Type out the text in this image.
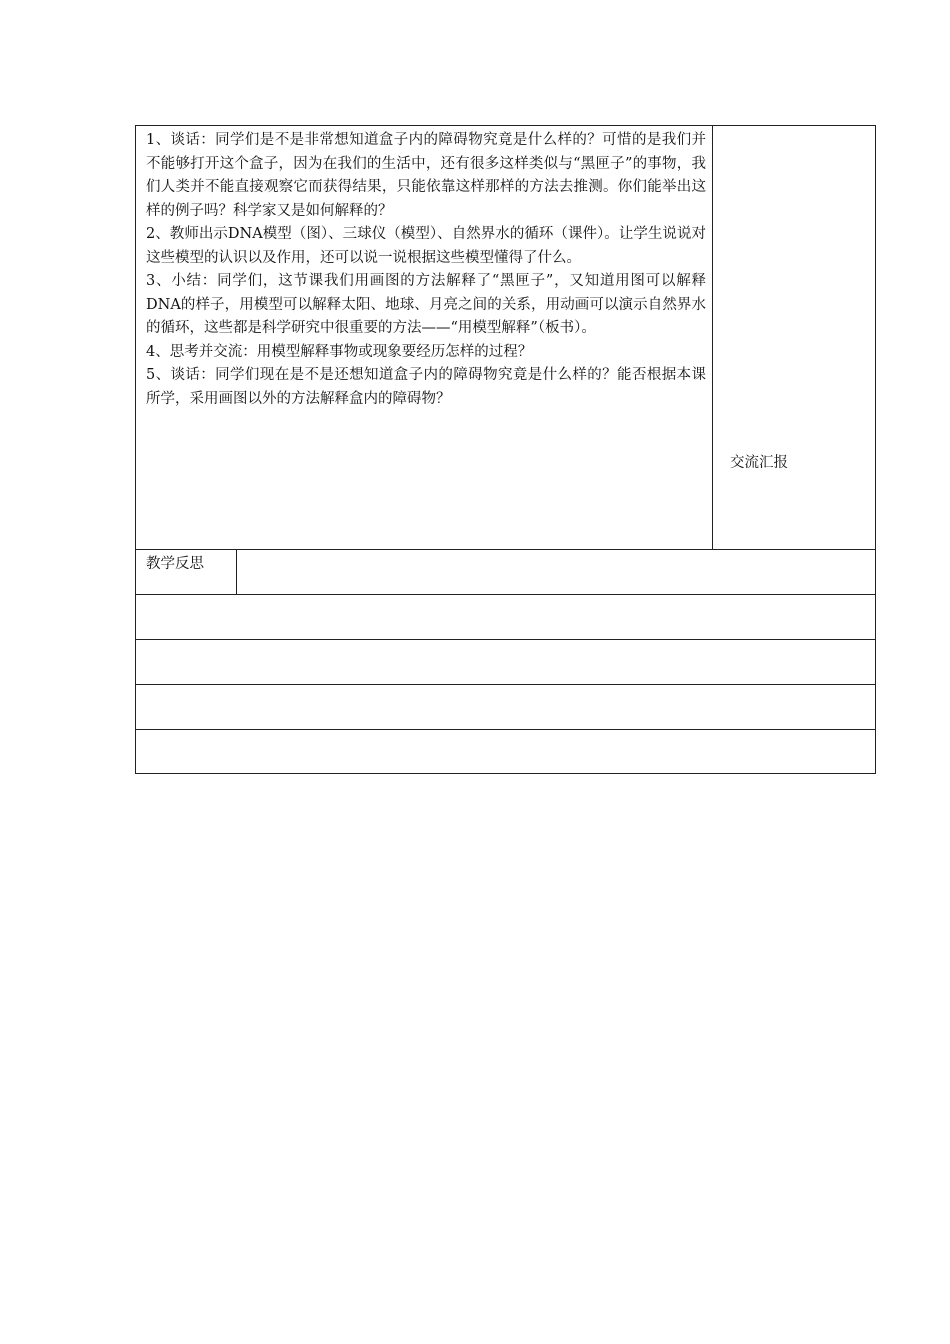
1、谈话：同学们是不是非常想知道盒子内的障碍物究竟是什么样的？可惜的是我们并不能够打开这个盒子，因为在我们的生活中，还有很多这样类似与“黑匣子”的事物，我们人类并不能直接观察它而获得结果，只能依靠这样那样的方法去推测。你们能举出这样的例子吗？科学家又是如何解释的？

2、教师出示DNA模型（图）、三球仪（模型）、自然界水的循环（课件）。让学生说说对这些模型的认识以及作用，还可以说一说根据这些模型懂得了什么。

3、小结：同学们，这节课我们用画图的方法解释了“黑匣子”，又知道用图可以解释DNA的样子，用模型可以解释太阳、地球、月亮之间的关系，用动画可以演示自然界水的循环，这些都是科学研究中很重要的方法——“用模型解释”（板书）。

4、思考并交流：用模型解释事物或现象要经历怎样的过程？

5、谈话：同学们现在是不是还想知道盒子内的障碍物究竟是什么样的？能否根据本课所学，采用画图以外的方法解释盒内的障碍物？

交流汇报
教学反思
